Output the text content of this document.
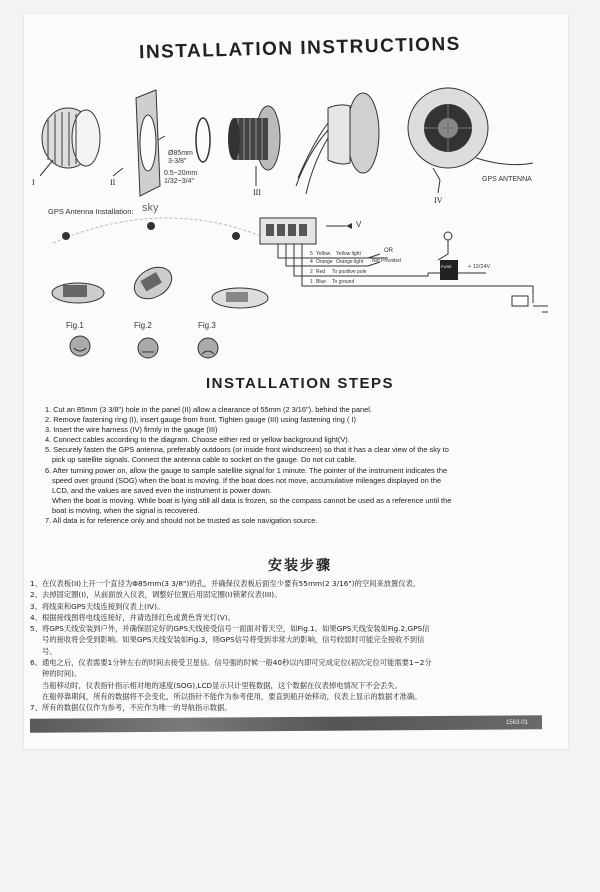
INSTALLATION INSTRUCTIONS
I	II
III
IV
Ø85mm
3-3/8"
0.5~20mm
1/32~3/4"	GPS ANTENNA
GPS Antenna Installation: sky
Fig.1	Fig.2	Fig.3
V
5 Yellow Yellow light
4 Orange Orange light
2 Red To positive pole
1 Blue To ground
OR
Not Provided
FUSE	+ 12/24V
INSTALLATION STEPS

1. Cut an 85mm (3 3/8") hole in the panel (II) allow a clearance of 55mm (2 3/16"). behind the panel.

2. Remove fastening ring (I), insert gauge from front. Tighten gauge (III) using fastening ring ( I)

3. Insert the wire harness (IV) firmly in the gauge (III)

4. Connect cables according to the diagram. Choose either red or yellow background light(V).

5. Securely fasten the GPS antenna, preferably outdoors (or inside front windscreen) so that it has a clear view of the sky to

pick up satellite signals. Connect the antenna cable to socket on the gauge. Do not cut cable.

6. After turning power on, allow the gauge to sample satellite signal for 1 minute. The pointer of the instrument indicates the

speed over ground (SOG) when the boat is moving. If the boat does not move, accumulative mileages displayed on the

LCD, and the values are saved even the instrument is power down.

When the boat is moving. While boat is lying still all data is frozen, so the compass cannot be used as a reference until the

boat is moving, when the signal is recovered.

7. All data is for reference only and should not be trusted as sole navigation source.

安装步骤

1、在仪表板(II)上开一个直径为Φ85mm(3 3/8")的孔，并确保仪表板后面至少要有55mm(2 3/16")的空间来放置仪表。

2、去掉固定圈(I)，从前面放入仪表，调整好位置后用固定圈(I)锁紧仪表(III)。

3、将线束和GPS天线连接到仪表上(IV)。

4、根据接线图将电线连接好，并请选择红色或黄色背光灯(V)。

5、将GPS天线安装到户外，并确保固定好的GPS天线接受信号一面面对着天空，如Fig.1。如果GPS天线安装如Fig.2,GPS信

号的接收将会受到影响。如果GPS天线安装如Fig.3，则GPS信号将受到非常大的影响，信号较弱时可能完全接收不到信

号。

6、通电之后，仪表需要1分钟左右的时间去接受卫星信。信号强的时候一般40秒以内即可完成定位(初次定位可能需要1~2分

钟的时间)。

当船移动时，仪表指针指示相对地的速度(SOG),LCD显示只计里程数据，这个数据在仪表掉电情况下不会丢失。

在船停靠期间，所有的数据将不会变化，所以指针不能作为参考使用，要直到船开始移动，仪表上显示的数据才准确。

7、所有的数据仅仅作为参考，不应作为唯一的导航指示数据。

1563-01
